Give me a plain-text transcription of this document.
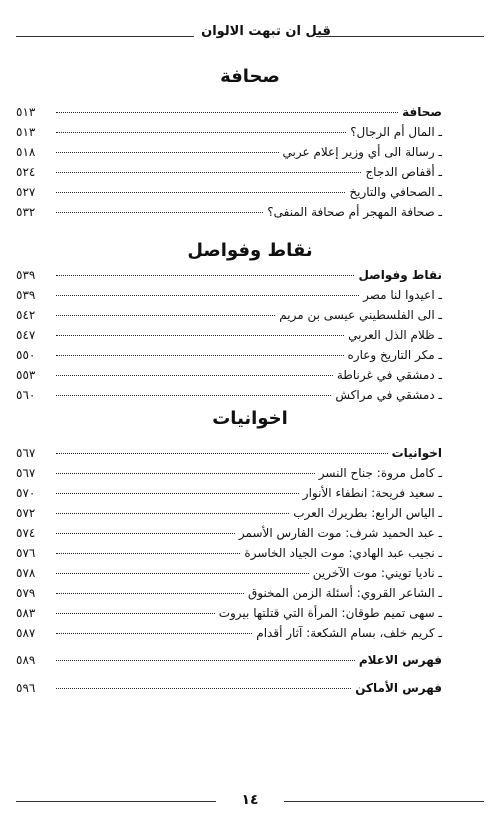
قبل ان تبهت الالوان
صحافة
صحافة
٥١٣
ـ المال أم الرجال؟
٥١٣
ـ رسالة الى أي وزير إعلام عربي
٥١٨
ـ أقفاص الدجاج
٥٢٤
ـ الصحافي والتاريخ
٥٢٧
ـ صحافة المهجر أم صحافة المنفى؟
٥٣٢
نقاط وفواصل
نقاط وفواصل
٥٣٩
ـ اعيدوا لنا مصر
٥٣٩
ـ الى الفلسطيني عيسى بن مريم
٥٤٢
ـ ظلام الذل العربي
٥٤٧
ـ مكر التاريخ وعاره
٥٥٠
ـ دمشقي في غرناطة
٥٥٣
ـ دمشقي في مراكش
٥٦٠
اخوانيات
اخوانيات
٥٦٧
ـ كامل مروة: جناح النسر
٥٦٧
ـ سعيد فريحة: انطفاء الأنوار
٥٧٠
ـ الياس الرابع: بطريرك العرب
٥٧٢
ـ عبد الحميد شرف: موت الفارس الأسمر
٥٧٤
ـ نجيب عبد الهادي: موت الجياد الخاسرة
٥٧٦
ـ ناديا تويني: موت الآخرين
٥٧٨
ـ الشاعر القروي: أسئلة الزمن المخنوق
٥٧٩
ـ سهى تميم طوقان: المرأة التي قتلتها بيروت
٥٨٣
ـ كريم خلف، بسام الشكعة: آثار أقدام
٥٨٧
فهرس الاعلام
٥٨٩
فهرس الأماكن
٥٩٦
١٤
